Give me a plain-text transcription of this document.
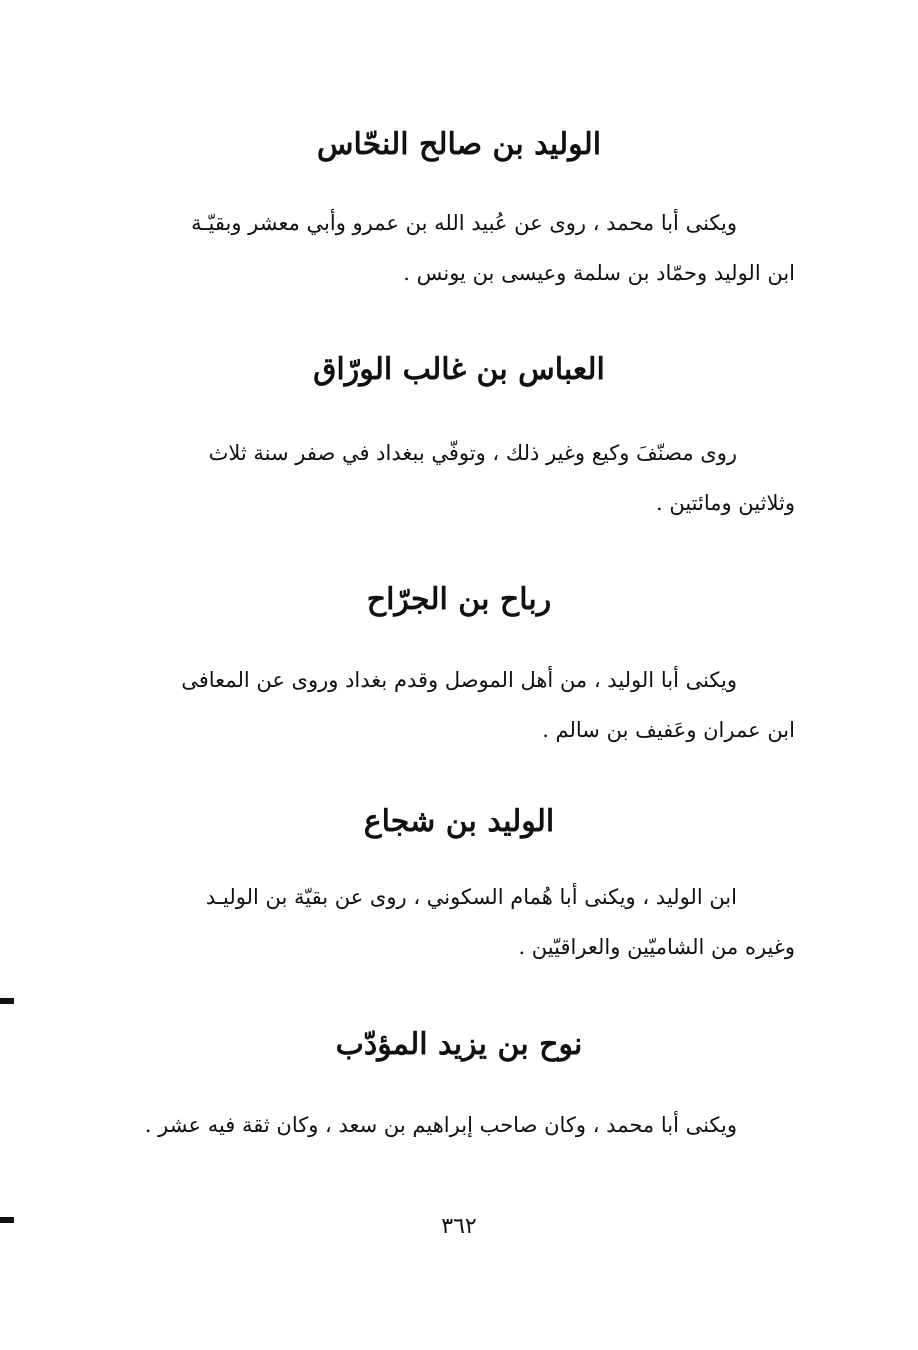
الوليد بن صالح النحّاس

ويكنى أبا محمد ، روى عن عُبيد الله بن عمرو وأبي معشر وبقيّـة
ابن الوليد وحمّاد بن سلمة وعيسى بن يونس .

العباس بن غالب الورّاق

روى مصنّفَ وكيع وغير ذلك ، وتوفّي ببغداد في صفر سنة ثلاث
وثلاثين ومائتين .

رباح بن الجرّاح

ويكنى أبا الوليد ، من أهل الموصل وقدم بغداد وروى عن المعافى
ابن عمران وعَفيف بن سالم .

الوليد بن شجاع

ابن الوليد ، ويكنى أبا هُمام السكوني ، روى عن بقيّة بن الوليـد
وغيره من الشاميّين والعراقيّين .

نوح بن يزيد المؤدّب

ويكنى أبا محمد ، وكان صاحب إبراهيم بن سعد ، وكان ثقة فيه عشر .

٣٦٢
